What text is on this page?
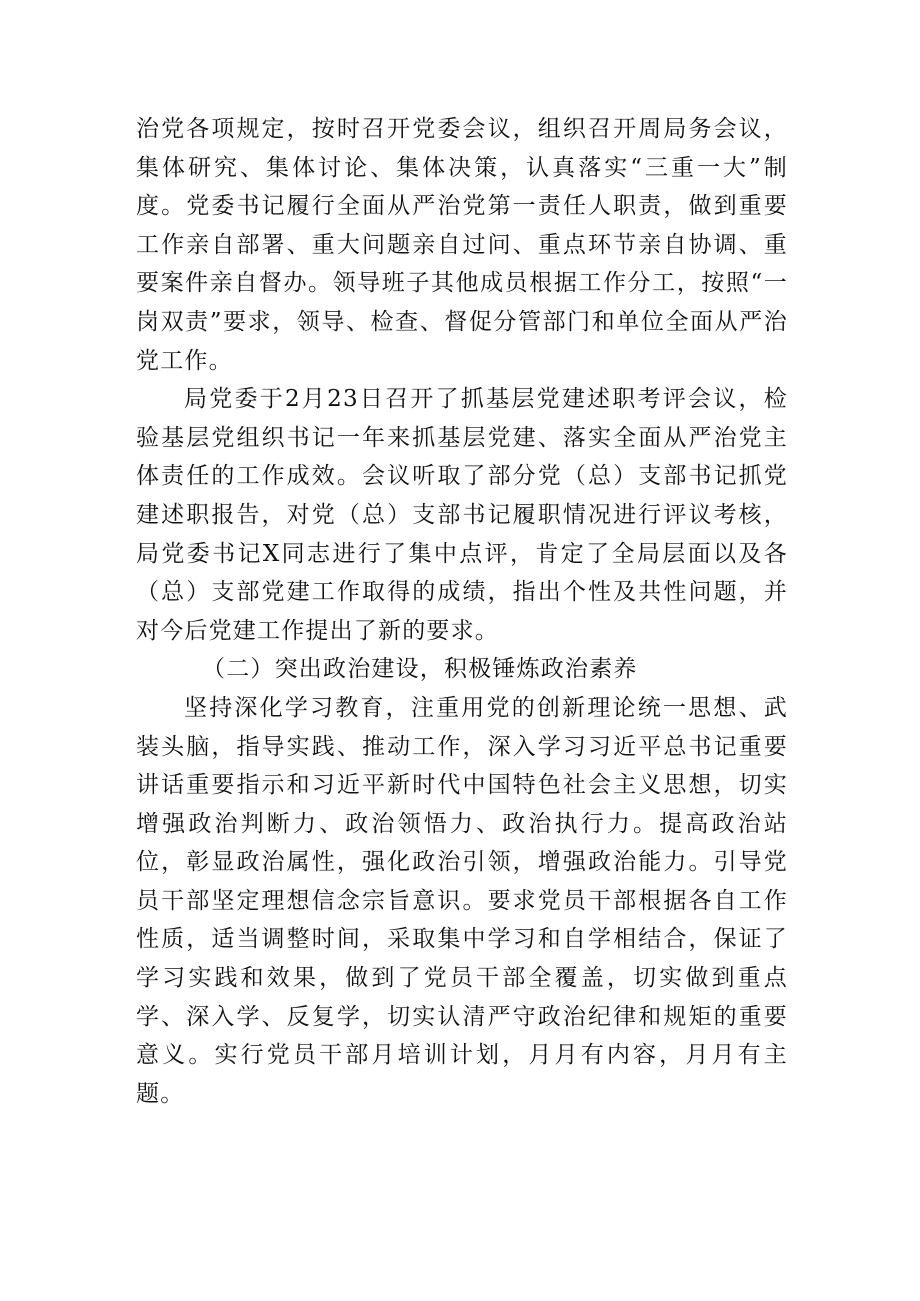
治党各项规定，按时召开党委会议，组织召开周局务会议，集体研究、集体讨论、集体决策，认真落实“三重一大”制度。党委书记履行全面从严治党第一责任人职责，做到重要工作亲自部署、重大问题亲自过问、重点环节亲自协调、重要案件亲自督办。领导班子其他成员根据工作分工，按照“一岗双责”要求，领导、检查、督促分管部门和单位全面从严治党工作。

局党委于2月23日召开了抓基层党建述职考评会议，检验基层党组织书记一年来抓基层党建、落实全面从严治党主体责任的工作成效。会议听取了部分党（总）支部书记抓党建述职报告，对党（总）支部书记履职情况进行评议考核，局党委书记X同志进行了集中点评，肯定了全局层面以及各（总）支部党建工作取得的成绩，指出个性及共性问题，并对今后党建工作提出了新的要求。

（二）突出政治建设，积极锤炼政治素养

坚持深化学习教育，注重用党的创新理论统一思想、武装头脑，指导实践、推动工作，深入学习习近平总书记重要讲话重要指示和习近平新时代中国特色社会主义思想，切实增强政治判断力、政治领悟力、政治执行力。提高政治站位，彰显政治属性，强化政治引领，增强政治能力。引导党员干部坚定理想信念宗旨意识。要求党员干部根据各自工作性质，适当调整时间，采取集中学习和自学相结合，保证了学习实践和效果，做到了党员干部全覆盖，切实做到重点学、深入学、反复学，切实认清严守政治纪律和规矩的重要意义。实行党员干部月培训计划，月月有内容，月月有主题。
